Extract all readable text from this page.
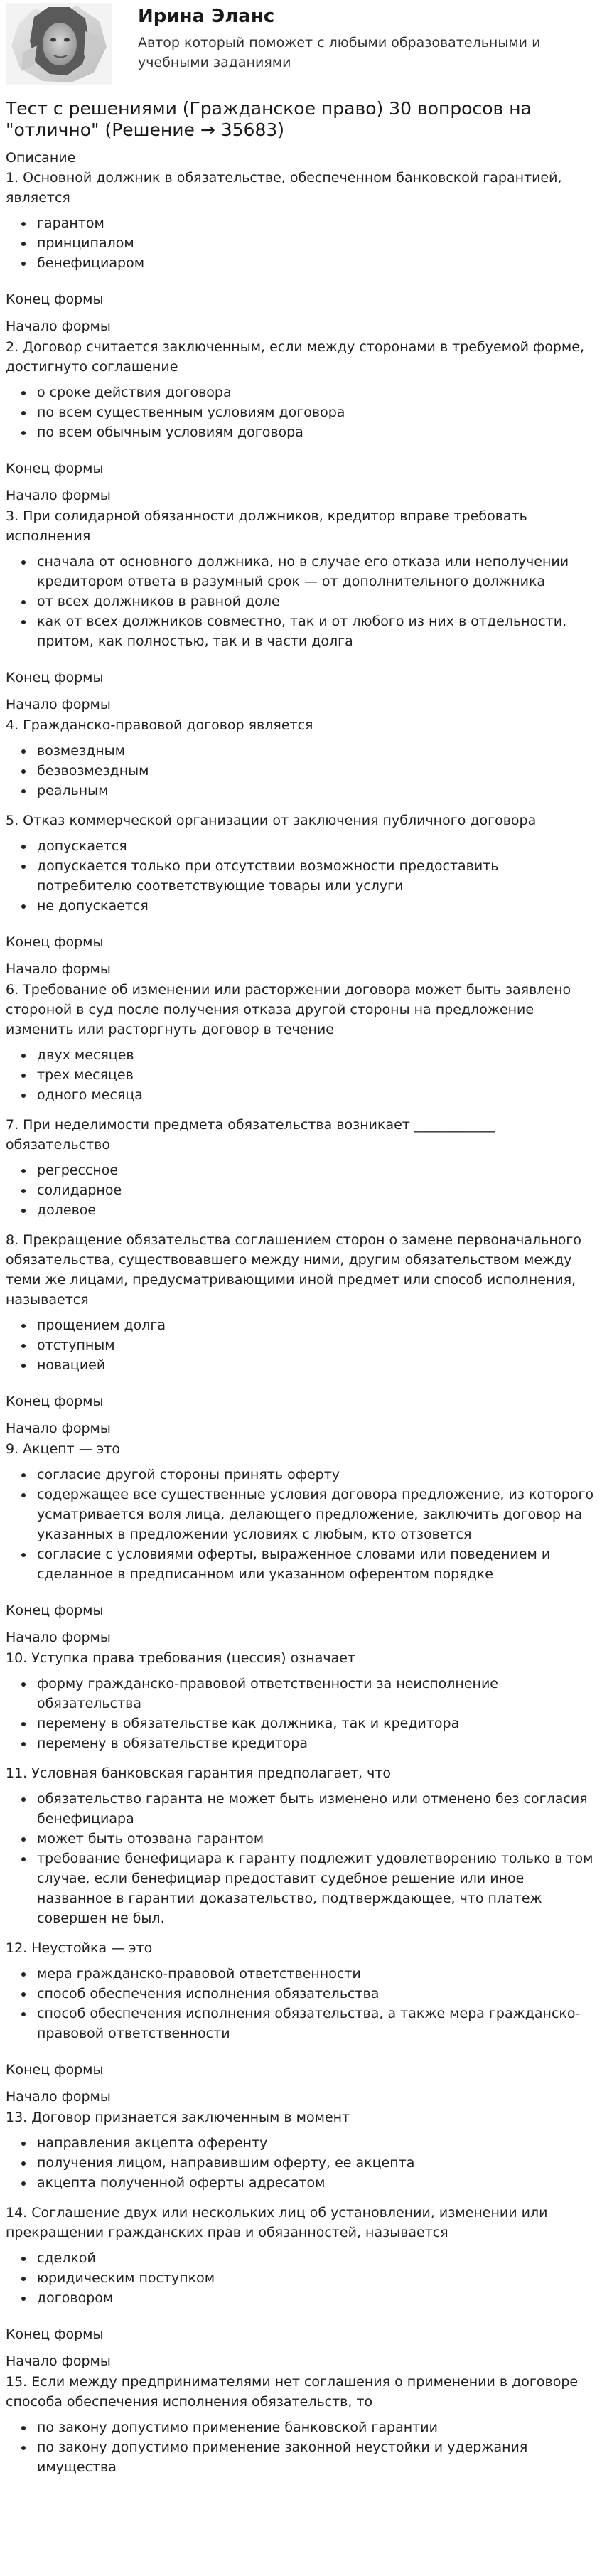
Ирина Эланс
Автор который поможет с любыми образовательными и учебными заданиями
Тест с решениями (Гражданское право) 30 вопросов на "отлично" (Решение → 35683)
Описание

1. Основной должник в обязательстве, обеспеченном банковской гарантией, является

• гарантом
• принципалом
• бенефициаром
Конец формы
Начало формы

2. Договор считается заключенным, если между сторонами в требуемой форме, достигнуто соглашение

• о сроке действия договора
• по всем существенным условиям договора
• по всем обычным условиям договора
Конец формы
Начало формы

3. При солидарной обязанности должников, кредитор вправе требовать исполнения

• сначала от основного должника, но в случае его отказа или неполучении кредитором ответа в разумный срок — от дополнительного должника
• от всех должников в равной доле
• как от всех должников совместно, так и от любого из них в отдельности, притом, как полностью, так и в части долга
Конец формы
Начало формы

4. Гражданско-правовой договор является

• возмездным
• безвозмездным
• реальным

5. Отказ коммерческой организации от заключения публичного договора

• допускается
• допускается только при отсутствии возможности предоставить потребителю соответствующие товары или услуги
• не допускается
Конец формы
Начало формы

6. Требование об изменении или расторжении договора может быть заявлено стороной в суд после получения отказа другой стороны на предложение изменить или расторгнуть договор в течение

• двух месяцев
• трех месяцев
• одного месяца

7. При неделимости предмета обязательства возникает ____________ обязательство

• регрессное
• солидарное
• долевое

8. Прекращение обязательства соглашением сторон о замене первоначального обязательства, существовавшего между ними, другим обязательством между теми же лицами, предусматривающими иной предмет или способ исполнения, называется

• прощением долга
• отступным
• новацией
Конец формы
Начало формы

9. Акцепт — это

• согласие другой стороны принять оферту
• содержащее все существенные условия договора предложение, из которого усматривается воля лица, делающего предложение, заключить договор на указанных в предложении условиях с любым, кто отзовется
• согласие с условиями оферты, выраженное словами или поведением и сделанное в предписанном или указанном оферентом порядке
Конец формы
Начало формы

10. Уступка права требования (цессия) означает

• форму гражданско-правовой ответственности за неисполнение обязательства
• перемену в обязательстве как должника, так и кредитора
• перемену в обязательстве кредитора

11. Условная банковская гарантия предполагает, что

• обязательство гаранта не может быть изменено или отменено без согласия бенефициара
• может быть отозвана гарантом
• требование бенефициара к гаранту подлежит удовлетворению только в том случае, если бенефициар предоставит судебное решение или иное названное в гарантии доказательство, подтверждающее, что платеж совершен не был.

12. Неустойка — это

• мера гражданско-правовой ответственности
• способ обеспечения исполнения обязательства
• способ обеспечения исполнения обязательства, а также мера гражданско-правовой ответственности
Конец формы
Начало формы

13. Договор признается заключенным в момент

• направления акцепта оференту
• получения лицом, направившим оферту, ее акцепта
• акцепта полученной оферты адресатом

14. Соглашение двух или нескольких лиц об установлении, изменении или прекращении гражданских прав и обязанностей, называется

• сделкой
• юридическим поступком
• договором
Конец формы
Начало формы

15. Если между предпринимателями нет соглашения о применении в договоре способа обеспечения исполнения обязательств, то

• по закону допустимо применение банковской гарантии
• по закону допустимо применение законной неустойки и удержания имущества
